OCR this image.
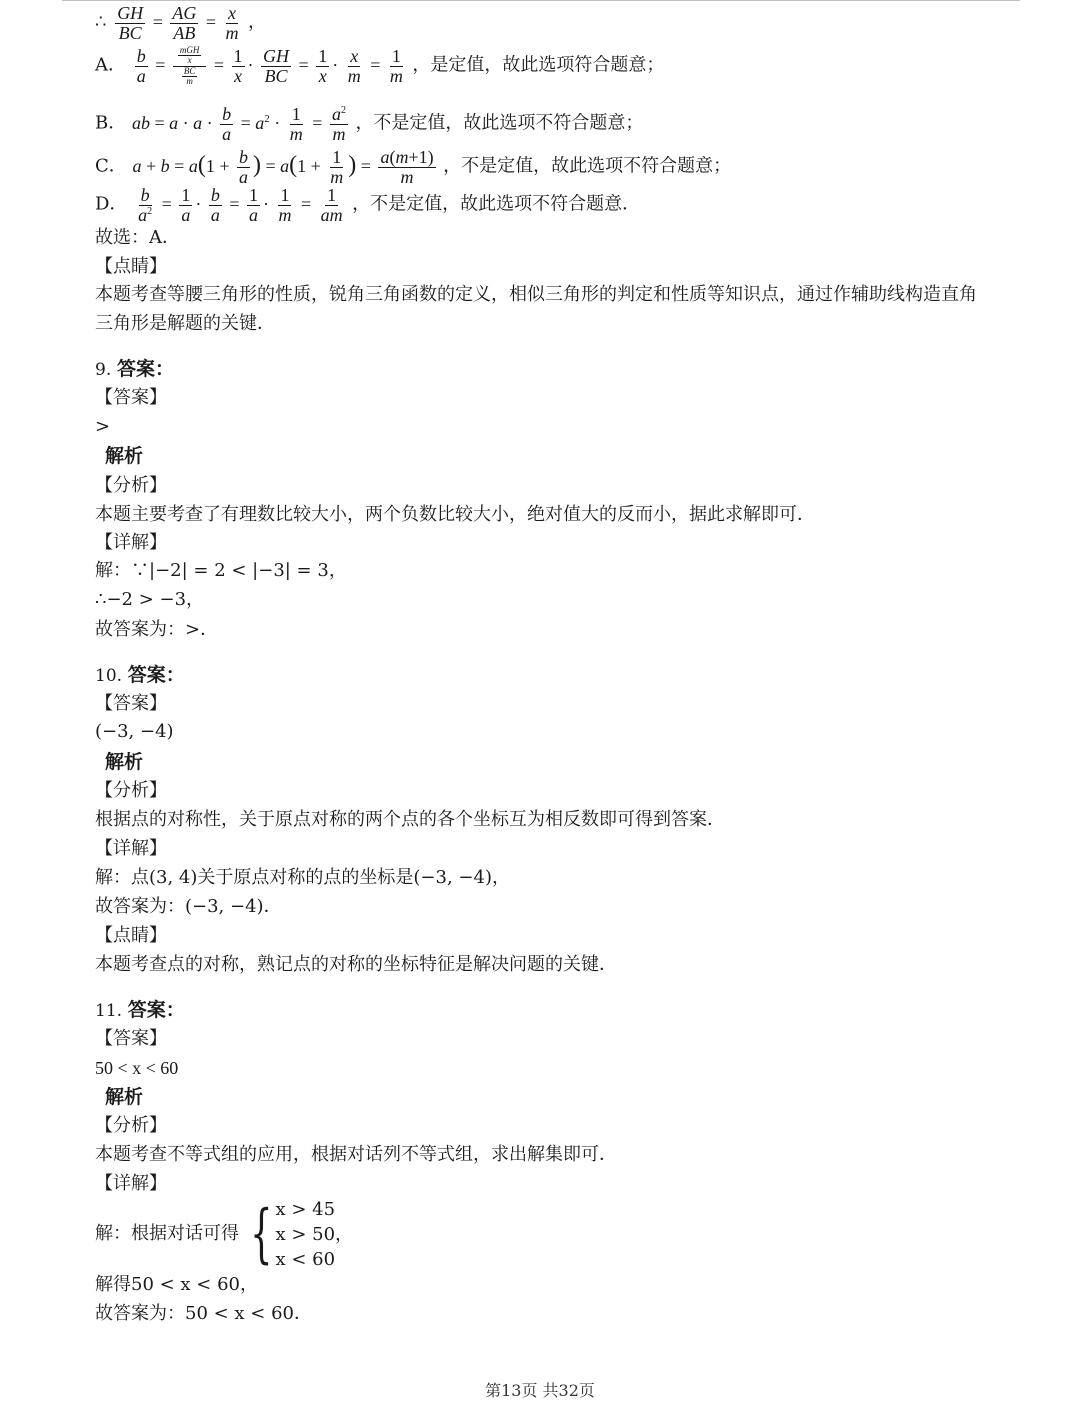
∴ $\frac{GH}{BC} = \frac{AG}{AB} = \frac{x}{m}$ ，
A． $\frac{b}{a} = \frac{\frac{\text{mGH}}{x}}{\frac{BC}{m}} = \frac{1}{x} \cdot \frac{GH}{BC} = \frac{1}{x} \cdot \frac{x}{m} = \frac{1}{m}$ ，是定值，故此选项符合题意；
B． ab = $a \cdot a \cdot \frac{b}{a} = a^2 \cdot \frac{1}{m} = \frac{a^2}{m}$ ，不是定值，故此选项不符合题意；
C． $a + b = a(1 + \frac{b}{a}$ ) = $a(1 + \frac{1}{m}$ ) = $\frac{a(m+1)}{m}$ ，不是定值，故此选项不符合题意；
D． $\frac{b}{a^2} = \frac{1}{a} \cdot \frac{b}{a} = \frac{1}{a} \cdot \frac{1}{m} = \frac{1}{am}$ ，不是定值，故此选项不符合题意．
故选：A．
【点睛】
本题考查等腰三角形的性质，锐角三角函数的定义，相似三角形的判定和性质等知识点，通过作辅助线构造直角
三角形是解题的关键．
9. 答案：
【答案】
>
解析
【分析】
本题主要考查了有理数比较大小，两个负数比较大小，绝对值大的反而小，据此求解即可．
【详解】
解：∵|−2| = 2 < |−3| = 3，
∴−2 > −3，
故答案为：>．
10. 答案：
【答案】
(−3, −4)
解析
【分析】
根据点的对称性，关于原点对称的两个点的各个坐标互为相反数即可得到答案．
【详解】
解：点(3, 4)关于原点对称的点的坐标是(−3, −4)，
故答案为：(−3, −4)．
【点睛】
本题考查点的对称，熟记点的对称的坐标特征是解决问题的关键．
11. 答案：
【答案】
50 < x < 60
解析
【分析】
本题考查不等式组的应用，根据对话列不等式组，求出解集即可．
【详解】
解：根据对话可得 { x > 45
x > 50，
x < 60
解得50 < x < 60，
故答案为：50 < x < 60．
第13页 共32页
